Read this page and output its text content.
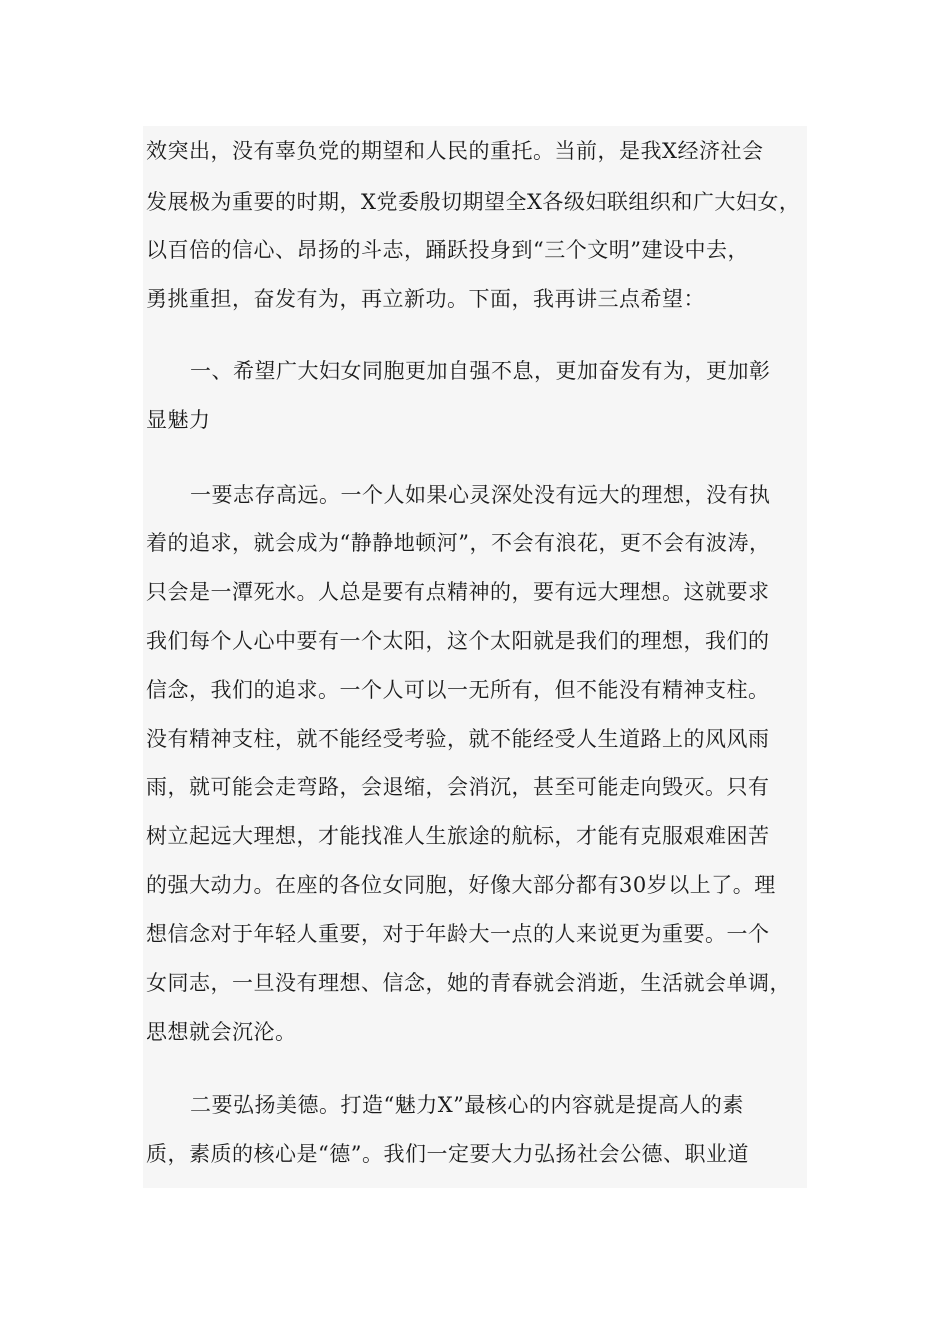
效突出，没有辜负党的期望和人民的重托。当前，是我X经济社会
发展极为重要的时期，X党委殷切期望全X各级妇联组织和广大妇女，
以百倍的信心、昂扬的斗志，踊跃投身到“三个文明”建设中去，
勇挑重担，奋发有为，再立新功。下面，我再讲三点希望：
一、希望广大妇女同胞更加自强不息，更加奋发有为，更加彰
显魅力
一要志存高远。一个人如果心灵深处没有远大的理想，没有执
着的追求，就会成为“静静地顿河”，不会有浪花，更不会有波涛，
只会是一潭死水。人总是要有点精神的，要有远大理想。这就要求
我们每个人心中要有一个太阳，这个太阳就是我们的理想，我们的
信念，我们的追求。一个人可以一无所有，但不能没有精神支柱。
没有精神支柱，就不能经受考验，就不能经受人生道路上的风风雨
雨，就可能会走弯路，会退缩，会消沉，甚至可能走向毁灭。只有
树立起远大理想，才能找准人生旅途的航标，才能有克服艰难困苦
的强大动力。在座的各位女同胞，好像大部分都有30岁以上了。理
想信念对于年轻人重要，对于年龄大一点的人来说更为重要。一个
女同志，一旦没有理想、信念，她的青春就会消逝，生活就会单调，
思想就会沉沦。
二要弘扬美德。打造“魅力X”最核心的内容就是提高人的素
质，素质的核心是“德”。我们一定要大力弘扬社会公德、职业道
